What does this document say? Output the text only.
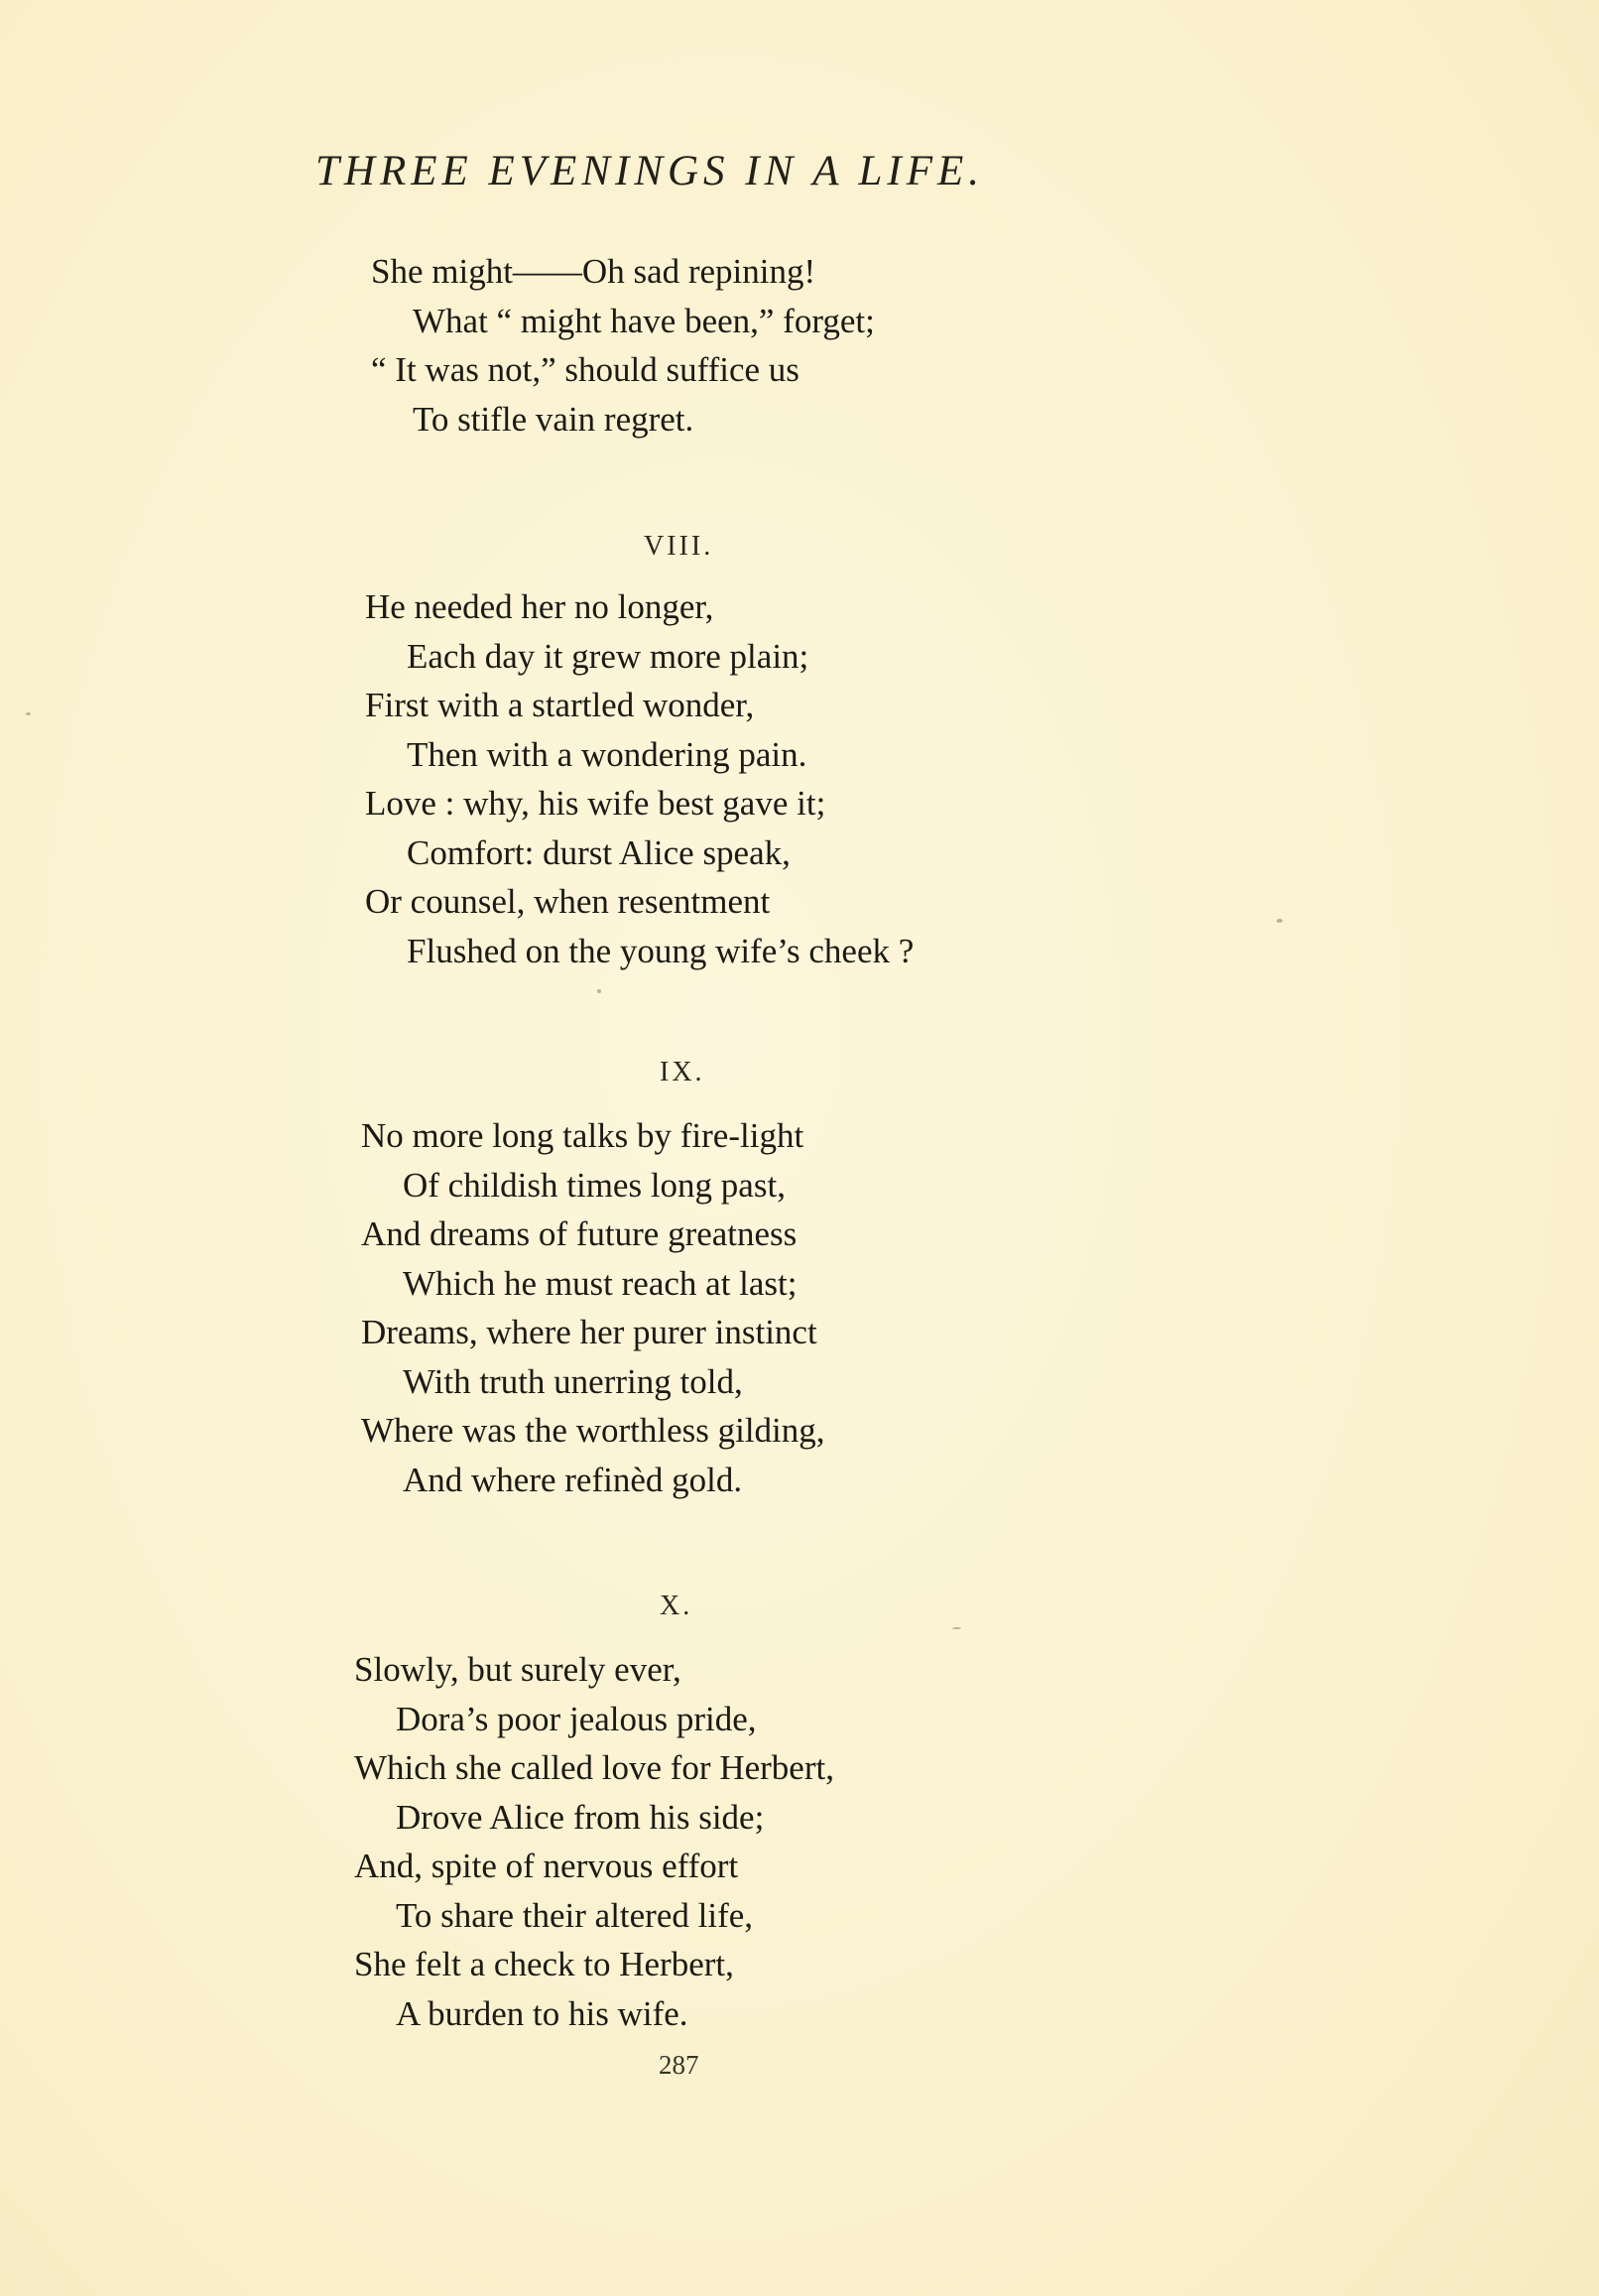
THREE EVENINGS IN A LIFE.
She might——Oh sad repining!
What “ might have been,” forget;
“ It was not,” should suffice us
To stifle vain regret.
VIII.
He needed her no longer,
Each day it grew more plain;
First with a startled wonder,
Then with a wondering pain.
Love : why, his wife best gave it;
Comfort: durst Alice speak,
Or counsel, when resentment
Flushed on the young wife’s cheek ?
IX.
No more long talks by fire-light
Of childish times long past,
And dreams of future greatness
Which he must reach at last;
Dreams, where her purer instinct
With truth unerring told,
Where was the worthless gilding,
And where refinèd gold.
X.
Slowly, but surely ever,
Dora’s poor jealous pride,
Which she called love for Herbert,
Drove Alice from his side;
And, spite of nervous effort
To share their altered life,
She felt a check to Herbert,
A burden to his wife.
287
